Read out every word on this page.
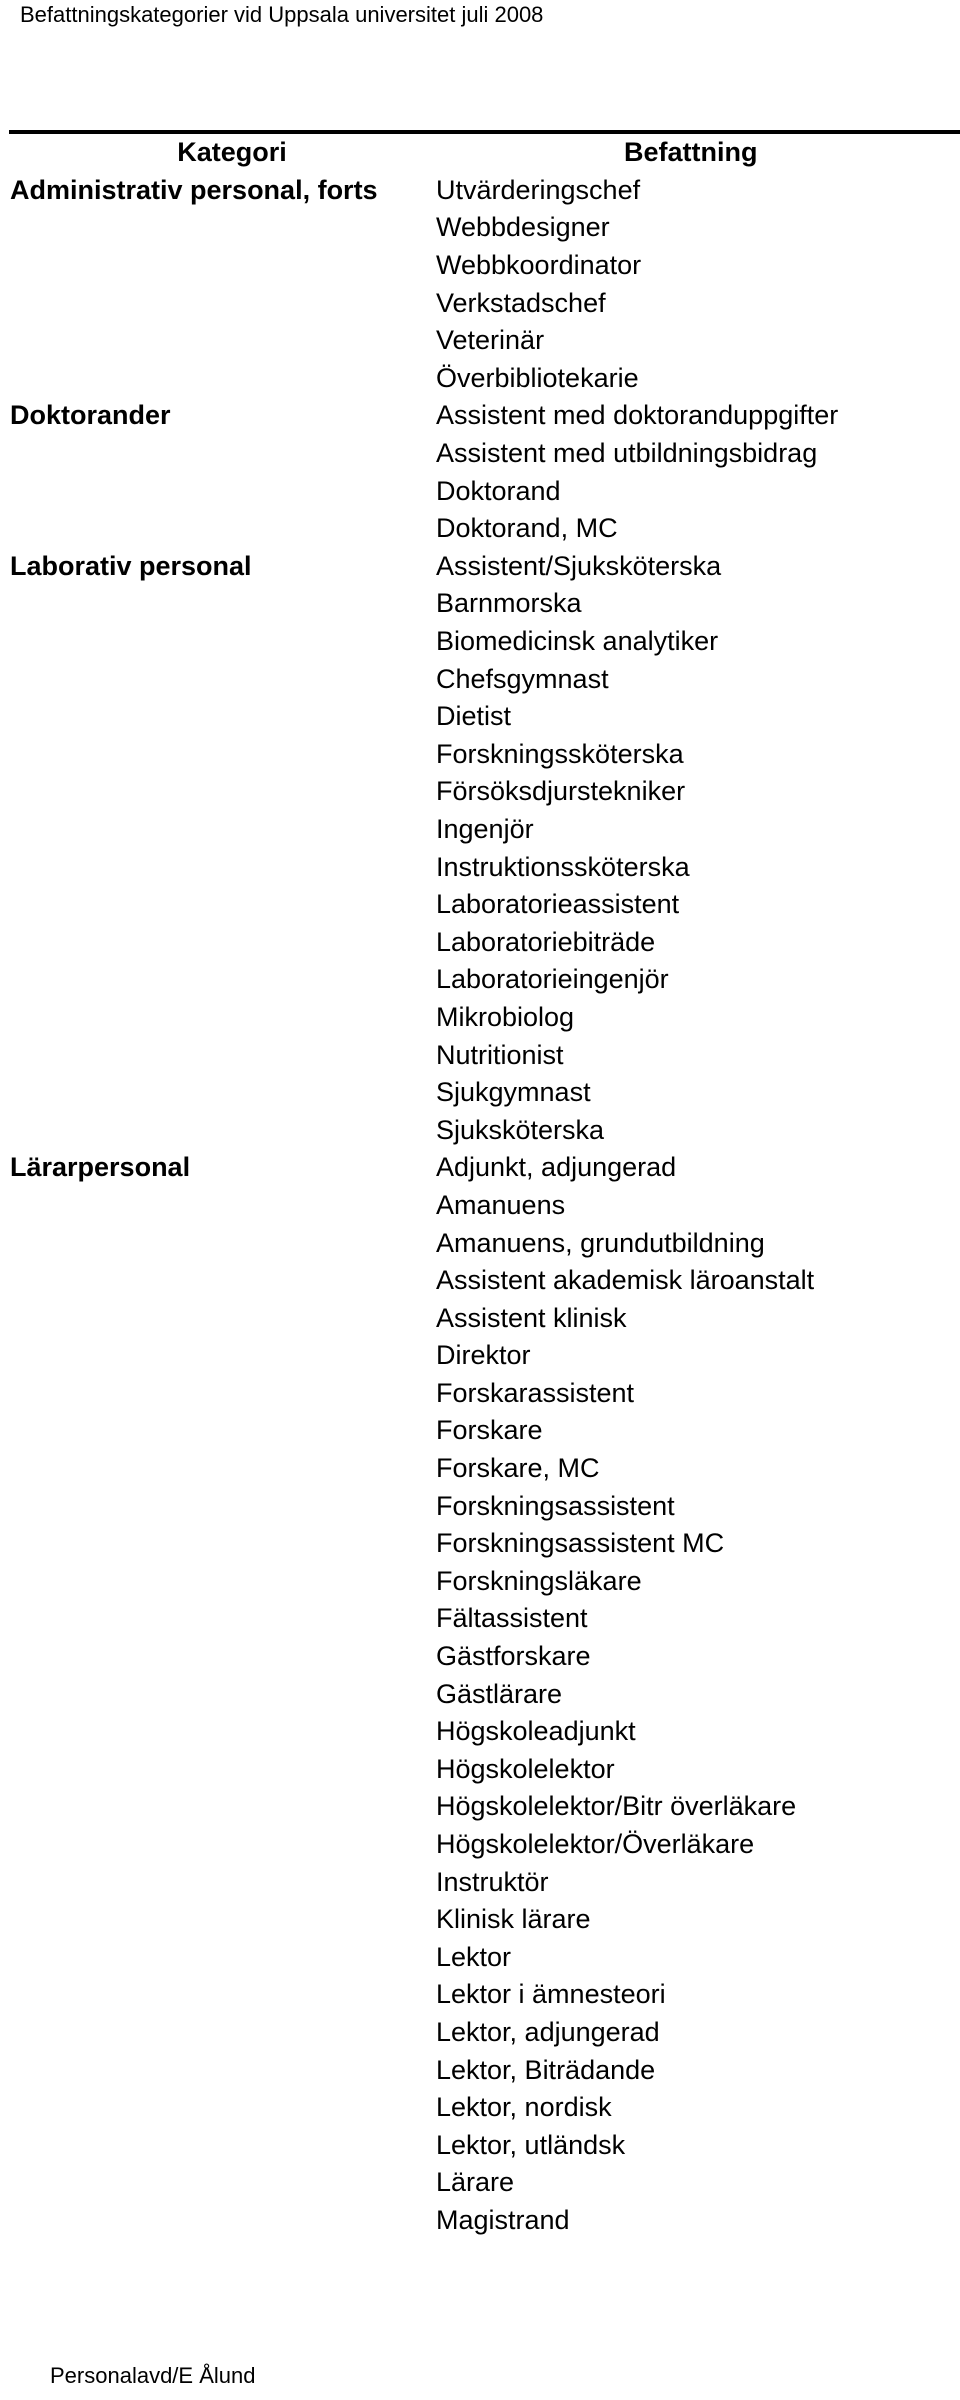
Befattningskategorier vid Uppsala universitet juli 2008
Kategori	Befattning
Administrativ personal, forts	Utvärderingschef
Webbdesigner
Webbkoordinator
Verkstadschef
Veterinär
Överbibliotekarie
Doktorander	Assistent med doktoranduppgifter
Assistent med utbildningsbidrag
Doktorand
Doktorand, MC
Laborativ personal	Assistent/Sjuksköterska
Barnmorska
Biomedicinsk analytiker
Chefsgymnast
Dietist
Forskningssköterska
Försöksdjurstekniker
Ingenjör
Instruktionssköterska
Laboratorieassistent
Laboratoriebiträde
Laboratorieingenjör
Mikrobiolog
Nutritionist
Sjukgymnast
Sjuksköterska
Lärarpersonal	Adjunkt, adjungerad
Amanuens
Amanuens, grundutbildning
Assistent akademisk läroanstalt
Assistent klinisk
Direktor
Forskarassistent
Forskare
Forskare, MC
Forskningsassistent
Forskningsassistent MC
Forskningsläkare
Fältassistent
Gästforskare
Gästlärare
Högskoleadjunkt
Högskolelektor
Högskolelektor/Bitr överläkare
Högskolelektor/Överläkare
Instruktör
Klinisk lärare
Lektor
Lektor i ämnesteori
Lektor, adjungerad
Lektor, Biträdande
Lektor, nordisk
Lektor, utländsk
Lärare
Magistrand
Personalavd/E Ålund
